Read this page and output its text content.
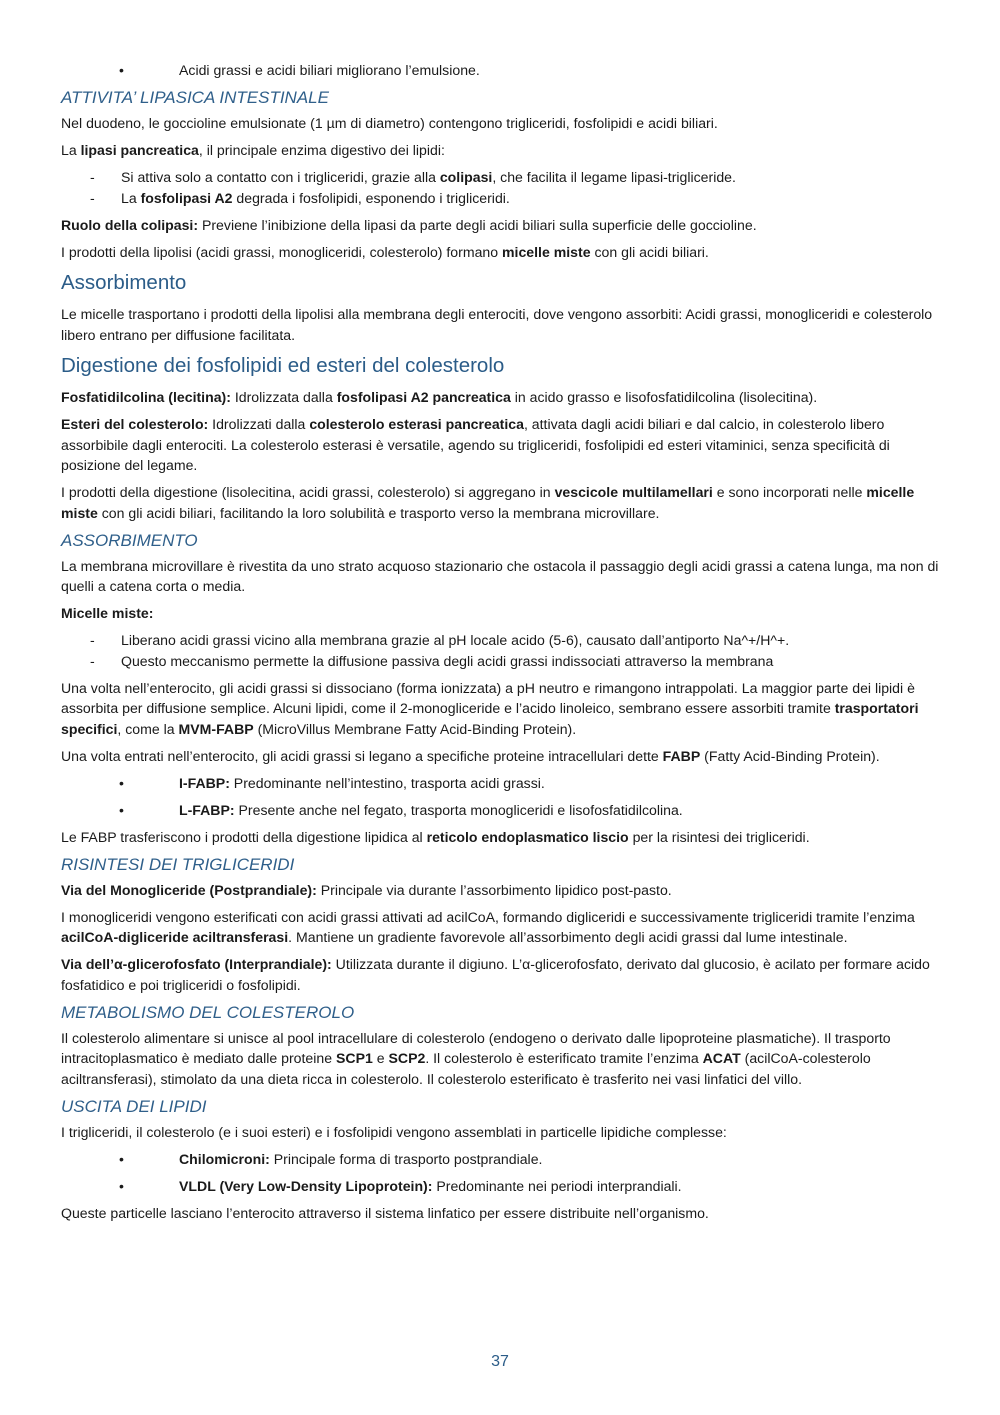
• Acidi grassi e acidi biliari migliorano l’emulsione.

ATTIVITA’ LIPASICA INTESTINALE

Nel duodeno, le goccioline emulsionate (1 µm di diametro) contengono trigliceridi, fosfolipidi e acidi biliari.

La lipasi pancreatica, il principale enzima digestivo dei lipidi:

- Si attiva solo a contatto con i trigliceridi, grazie alla colipasi, che facilita il legame lipasi-trigliceride.
- La fosfolipasi A2 degrada i fosfolipidi, esponendo i trigliceridi.

Ruolo della colipasi: Previene l’inibizione della lipasi da parte degli acidi biliari sulla superficie delle goccioline.

I prodotti della lipolisi (acidi grassi, monogliceridi, colesterolo) formano micelle miste con gli acidi biliari.

Assorbimento

Le micelle trasportano i prodotti della lipolisi alla membrana degli enterociti, dove vengono assorbiti: Acidi grassi, monogliceridi e colesterolo libero entrano per diffusione facilitata.

Digestione dei fosfolipidi ed esteri del colesterolo

Fosfatidilcolina (lecitina): Idrolizzata dalla fosfolipasi A2 pancreatica in acido grasso e lisofosfatidilcolina (lisolecitina).

Esteri del colesterolo: Idrolizzati dalla colesterolo esterasi pancreatica, attivata dagli acidi biliari e dal calcio, in colesterolo libero assorbibile dagli enterociti. La colesterolo esterasi è versatile, agendo su trigliceridi, fosfolipidi ed esteri vitaminici, senza specificità di posizione del legame.

I prodotti della digestione (lisolecitina, acidi grassi, colesterolo) si aggregano in vescicole multilamellari e sono incorporati nelle micelle miste con gli acidi biliari, facilitando la loro solubilità e trasporto verso la membrana microvillare.

ASSORBIMENTO

La membrana microvillare è rivestita da uno strato acquoso stazionario che ostacola il passaggio degli acidi grassi a catena lunga, ma non di quelli a catena corta o media.

Micelle miste:

- Liberano acidi grassi vicino alla membrana grazie al pH locale acido (5-6), causato dall’antiporto Na^+/H^+.
- Questo meccanismo permette la diffusione passiva degli acidi grassi indissociati attraverso la membrana

Una volta nell’enterocito, gli acidi grassi si dissociano (forma ionizzata) a pH neutro e rimangono intrappolati. La maggior parte dei lipidi è assorbita per diffusione semplice. Alcuni lipidi, come il 2-monogliceride e l’acido linoleico, sembrano essere assorbiti tramite trasportatori specifici, come la MVM-FABP (MicroVillus Membrane Fatty Acid-Binding Protein).

Una volta entrati nell’enterocito, gli acidi grassi si legano a specifiche proteine intracellulari dette FABP (Fatty Acid-Binding Protein).

• I-FABP: Predominante nell’intestino, trasporta acidi grassi.

• L-FABP: Presente anche nel fegato, trasporta monogliceridi e lisofosfatidilcolina.

Le FABP trasferiscono i prodotti della digestione lipidica al reticolo endoplasmatico liscio per la risintesi dei trigliceridi.

RISINTESI DEI TRIGLICERIDI

Via del Monogliceride (Postprandiale): Principale via durante l’assorbimento lipidico post-pasto.

I monogliceridi vengono esterificati con acidi grassi attivati ad acilCoA, formando digliceridi e successivamente trigliceridi tramite l’enzima acilCoA-digliceride aciltransferasi. Mantiene un gradiente favorevole all’assorbimento degli acidi grassi dal lume intestinale.

Via dell’α-glicerofosfato (Interprandiale): Utilizzata durante il digiuno. L’α-glicerofosfato, derivato dal glucosio, è acilato per formare acido fosfatidico e poi trigliceridi o fosfolipidi.

METABOLISMO DEL COLESTEROLO

Il colesterolo alimentare si unisce al pool intracellulare di colesterolo (endogeno o derivato dalle lipoproteine plasmatiche). Il trasporto intracitoplasmatico è mediato dalle proteine SCP1 e SCP2. Il colesterolo è esterificato tramite l’enzima ACAT (acilCoA-colesterolo aciltransferasi), stimolato da una dieta ricca in colesterolo. Il colesterolo esterificato è trasferito nei vasi linfatici del villo.

USCITA DEI LIPIDI

I trigliceridi, il colesterolo (e i suoi esteri) e i fosfolipidi vengono assemblati in particelle lipidiche complesse:

• Chilomicroni: Principale forma di trasporto postprandiale.

• VLDL (Very Low-Density Lipoprotein): Predominante nei periodi interprandiali.

Queste particelle lasciano l’enterocito attraverso il sistema linfatico per essere distribuite nell’organismo.

37
